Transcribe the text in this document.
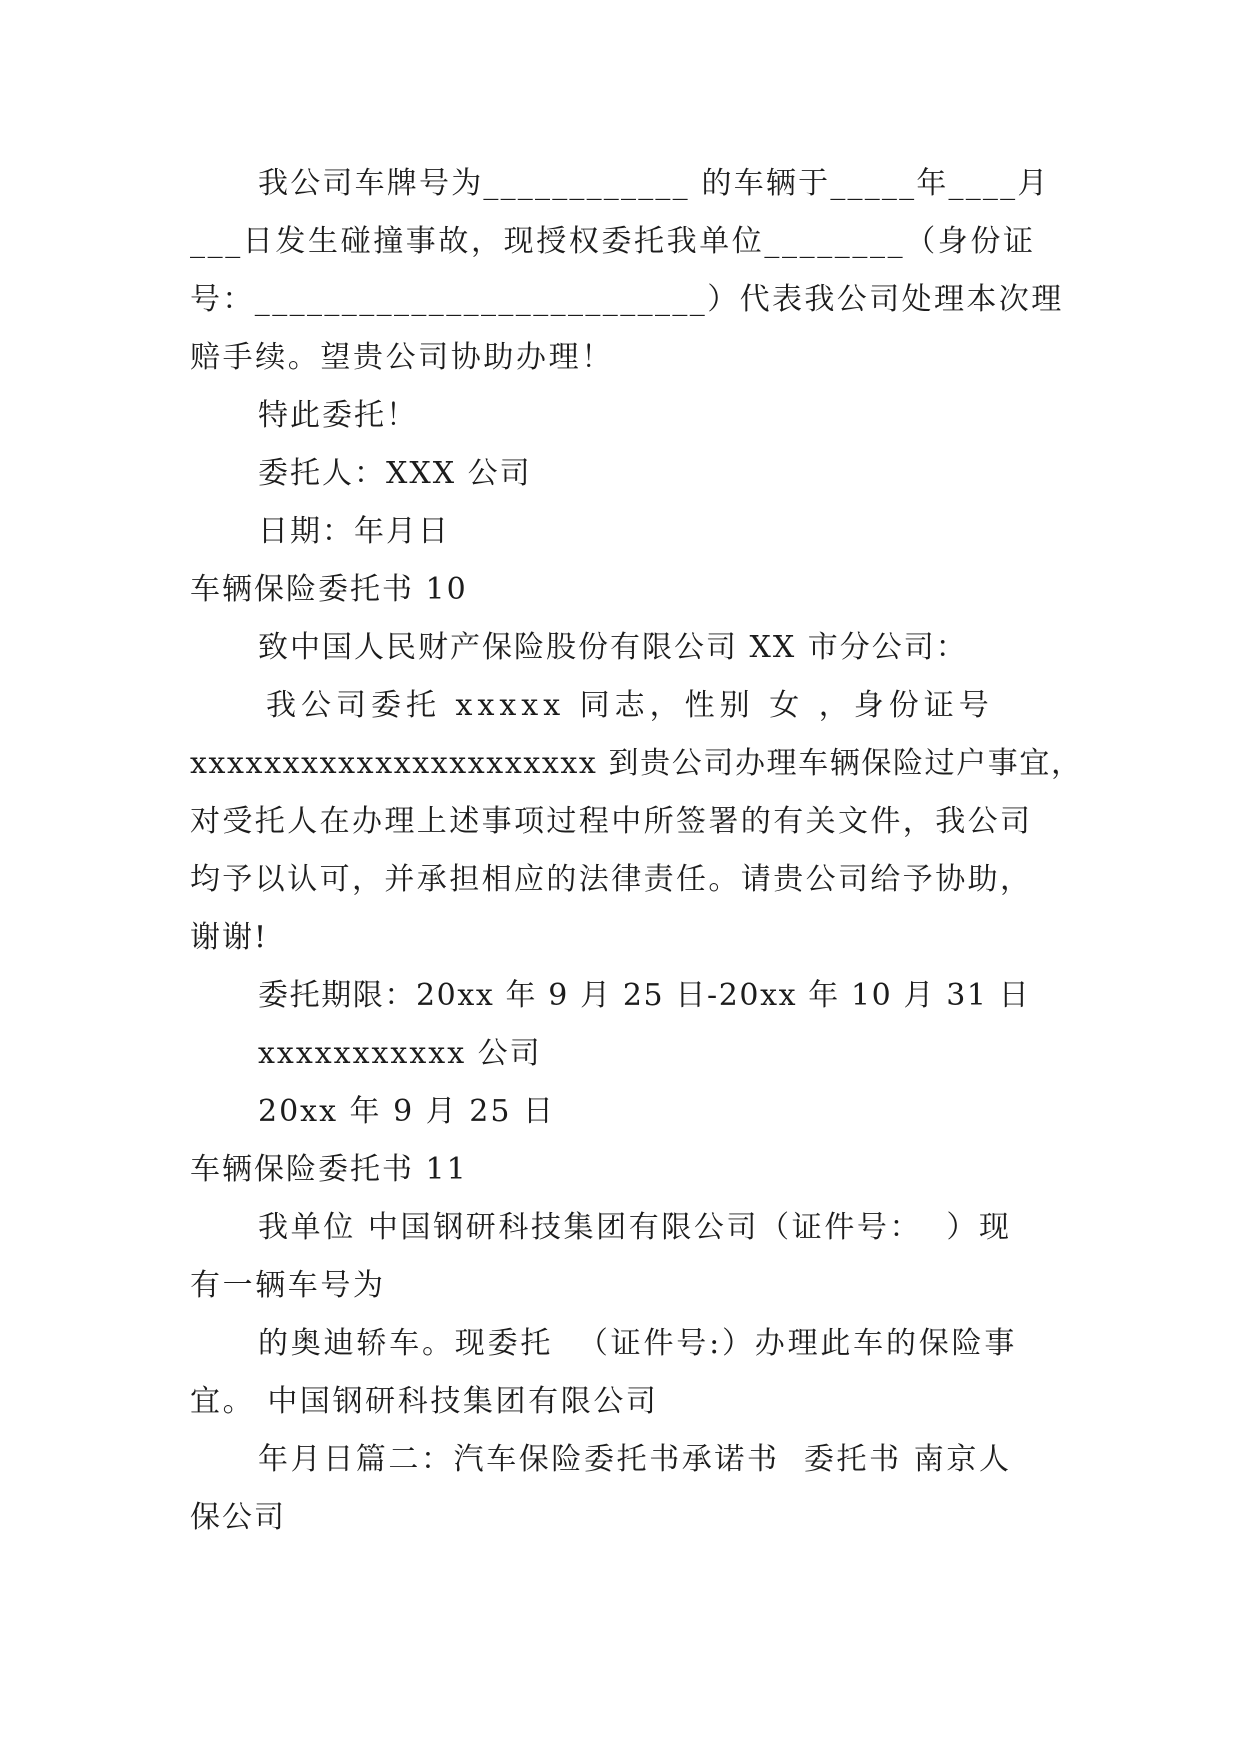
我公司车牌号为____________ 的车辆于_____年____月
___日发生碰撞事故，现授权委托我单位________（身份证
号：__________________________）代表我公司处理本次理
赔手续。望贵公司协助办理！
特此委托！
委托人：XXX 公司
日期：年月日
车辆保险委托书 10
致中国人民财产保险股份有限公司 XX 市分公司：
我公司委托 xxxxx 同志，性别 女 ，身份证号
xxxxxxxxxxxxxxxxxxxxxx 到贵公司办理车辆保险过户事宜，
对受托人在办理上述事项过程中所签署的有关文件，我公司
均予以认可，并承担相应的法律责任。请贵公司给予协助，
谢谢!
委托期限：20xx 年 9 月 25 日-20xx 年 10 月 31 日
xxxxxxxxxxx 公司
20xx 年 9 月 25 日
车辆保险委托书 11
我单位 中国钢研科技集团有限公司（证件号：  ）现
有一辆车号为
的奥迪轿车。现委托  （证件号:）办理此车的保险事
宜。 中国钢研科技集团有限公司
年月日篇二：汽车保险委托书承诺书  委托书 南京人
保公司
